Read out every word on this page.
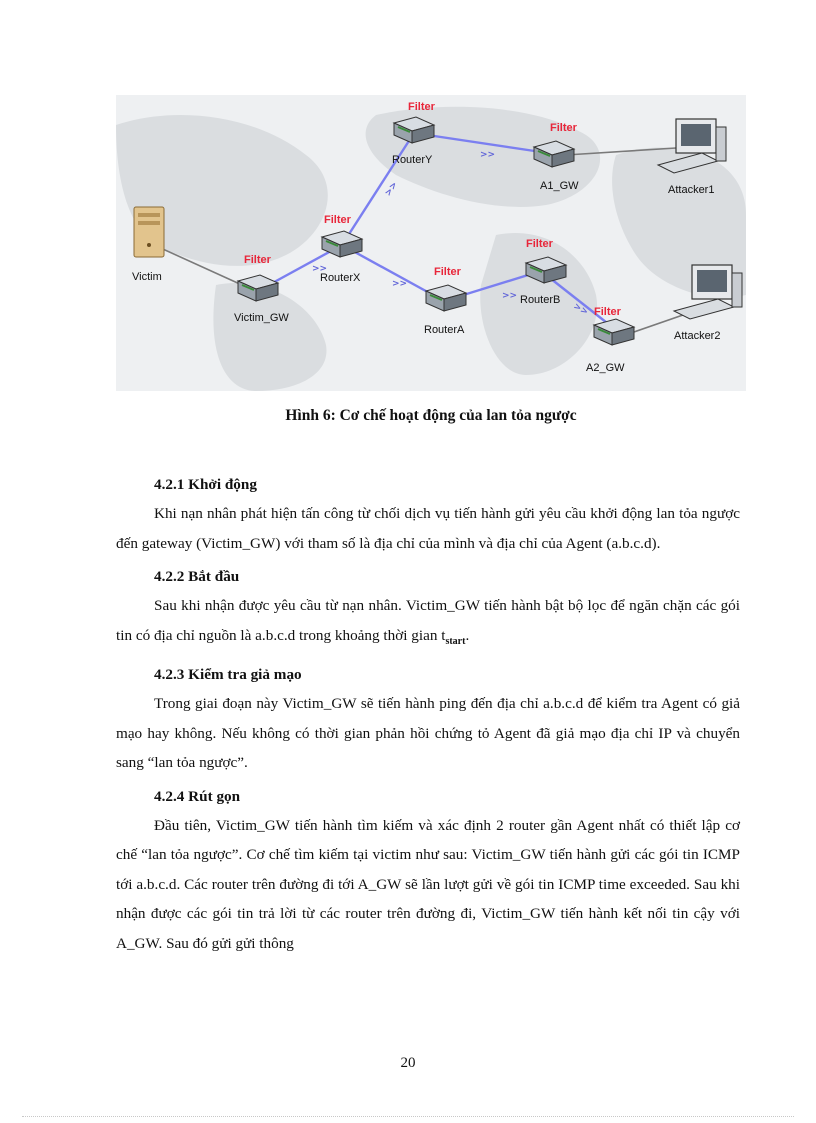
>>
>>
>>
>>
>>
>>
Filter
Filter
Filter
Filter
Filter
Filter
Filter
Victim
Victim_GW
RouterX
RouterY
A1_GW	Attacker1
RouterA
RouterB
A2_GW
Attacker2
Hình 6: Cơ chế hoạt động của lan tỏa ngược
4.2.1 Khởi động

Khi nạn nhân phát hiện tấn công từ chối dịch vụ tiến hành gửi yêu cầu khởi động lan tỏa ngược đến gateway (Victim_GW) với tham số là địa chỉ của mình và địa chỉ của Agent (a.b.c.d).

4.2.2 Bắt đầu

Sau khi nhận được yêu cầu từ nạn nhân. Victim_GW tiến hành bật bộ lọc để ngăn chặn các gói tin có địa chỉ nguồn là a.b.c.d trong khoảng thời gian $t_{start}$.

4.2.3 Kiểm tra giả mạo

Trong giai đoạn này Victim_GW sẽ tiến hành ping đến địa chỉ a.b.c.d để kiểm tra Agent có giả mạo hay không. Nếu không có thời gian phản hồi chứng tỏ Agent đã giả mạo địa chỉ IP và chuyển sang “lan tỏa ngược”.

4.2.4 Rút gọn

Đầu tiên, Victim_GW tiến hành tìm kiếm và xác định 2 router gần Agent nhất có thiết lập cơ chế “lan tỏa ngược”. Cơ chế tìm kiếm tại victim như sau: Victim_GW tiến hành gửi các gói tin ICMP tới a.b.c.d. Các router trên đường đi tới A_GW sẽ lần lượt gửi về gói tin ICMP time exceeded. Sau khi nhận được các gói tin trả lời từ các router trên đường đi, Victim_GW tiến hành kết nối tin cậy với A_GW. Sau đó gửi gửi thông

20
